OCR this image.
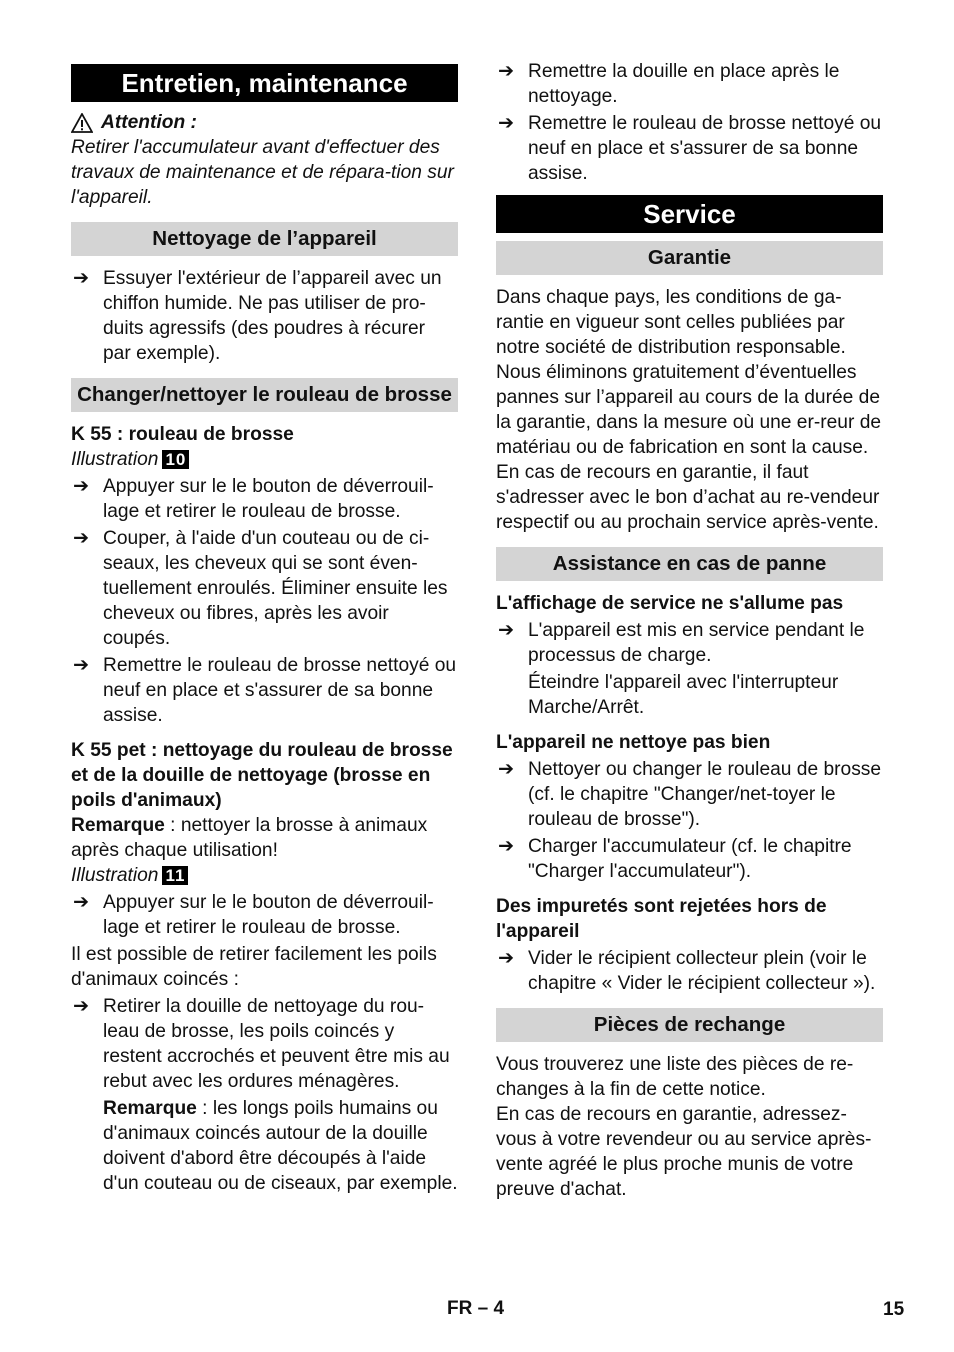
Entretien, maintenance
Attention :

Retirer l'accumulateur avant d'effectuer des travaux de maintenance et de répara-tion sur l'appareil.

Nettoyage de l’appareil
➔ Essuyer l'extérieur de l’appareil avec un chiffon humide. Ne pas utiliser de pro-duits agressifs (des poudres à récurer par exemple).
Changer/nettoyer le rouleau de brosse
K 55 : rouleau de brosse
Illustration 10
➔ Appuyer sur le le bouton de déverrouil-lage et retirer le rouleau de brosse.
➔ Couper, à l'aide d'un couteau ou de ci-seaux, les cheveux qui se sont éven-tuellement enroulés. Éliminer ensuite les cheveux ou fibres, après les avoir coupés.
➔ Remettre le rouleau de brosse nettoyé ou neuf en place et s'assurer de sa bonne assise.
K 55 pet : nettoyage du rouleau de brosse et de la douille de nettoyage (brosse en poils d'animaux)

Remarque : nettoyer la brosse à animaux après chaque utilisation!

Illustration 11
➔ Appuyer sur le le bouton de déverrouil-lage et retirer le rouleau de brosse.

Il est possible de retirer facilement les poils d'animaux coincés :

➔ Retirer la douille de nettoyage du rou-leau de brosse, les poils coincés y restent accrochés et peuvent être mis au rebut avec les ordures ménagères.

Remarque : les longs poils humains ou d'animaux coincés autour de la douille doivent d'abord être découpés à l'aide d'un couteau ou de ciseaux, par exemple.

➔ Remettre la douille en place après le nettoyage.
➔ Remettre le rouleau de brosse nettoyé ou neuf en place et s'assurer de sa bonne assise.
Service
Garantie

Dans chaque pays, les conditions de ga-rantie en vigueur sont celles publiées par notre société de distribution responsable. Nous éliminons gratuitement d’éventuelles pannes sur l’appareil au cours de la durée de la garantie, dans la mesure où une er-reur de matériau ou de fabrication en sont la cause. En cas de recours en garantie, il faut s'adresser avec le bon d’achat au re-vendeur respectif ou au prochain service après-vente.

Assistance en cas de panne
L'affichage de service ne s'allume pas
➔ L'appareil est mis en service pendant le processus de charge.

Éteindre l'appareil avec l'interrupteur Marche/Arrêt.

L'appareil ne nettoye pas bien
➔ Nettoyer ou changer le rouleau de brosse (cf. le chapitre "Changer/net-toyer le rouleau de brosse").
➔ Charger l'accumulateur (cf. le chapitre "Charger l'accumulateur").
Des impuretés sont rejetées hors de l'appareil
➔ Vider le récipient collecteur plein (voir le chapitre « Vider le récipient collecteur »).
Pièces de rechange

Vous trouverez une liste des pièces de re-changes à la fin de cette notice.

En cas de recours en garantie, adressez-vous à votre revendeur ou au service après-vente agréé le plus proche munis de votre preuve d'achat.

FR – 4	15
